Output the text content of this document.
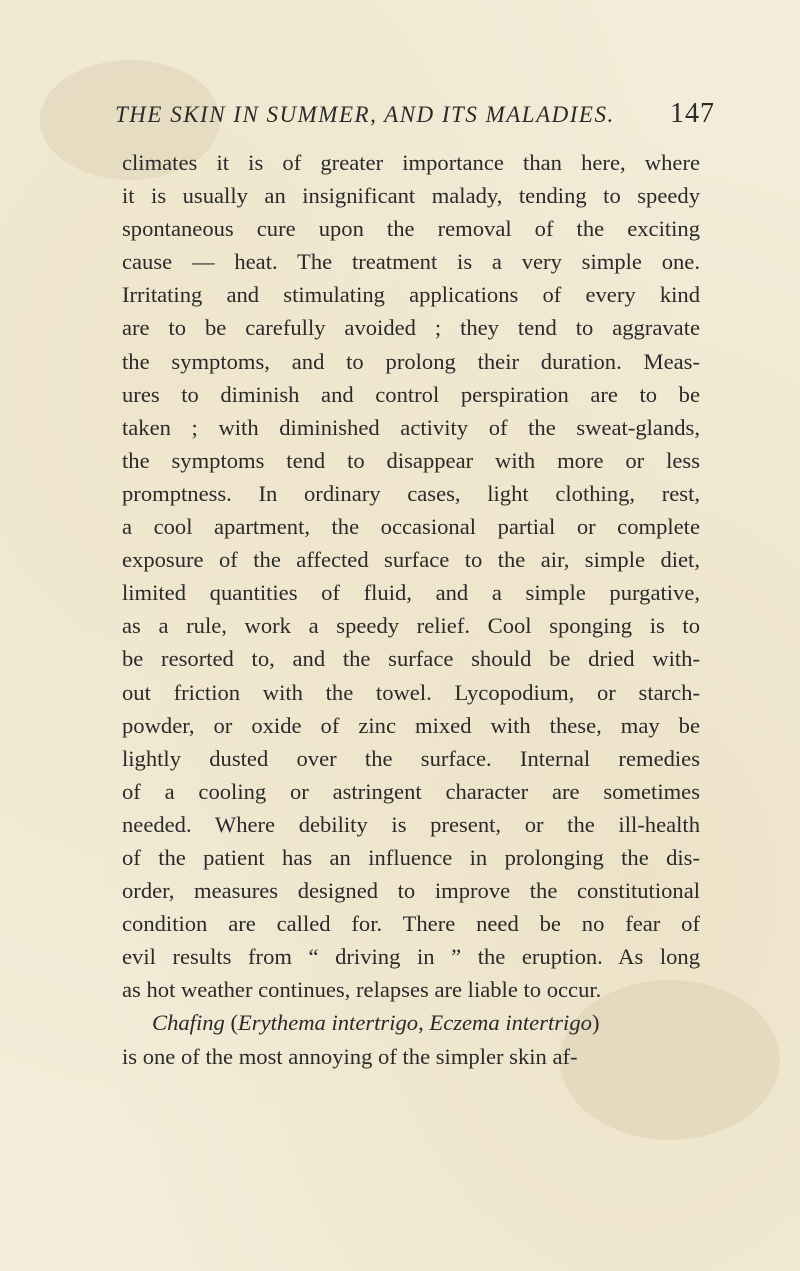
THE SKIN IN SUMMER, AND ITS MALADIES. 147
climates it is of greater importance than here, where
it is usually an insignificant malady, tending to speedy
spontaneous cure upon the removal of the exciting
cause — heat. The treatment is a very simple one.
Irritating and stimulating applications of every kind
are to be carefully avoided ; they tend to aggravate
the symptoms, and to prolong their duration. Meas-
ures to diminish and control perspiration are to be
taken ; with diminished activity of the sweat-glands,
the symptoms tend to disappear with more or less
promptness. In ordinary cases, light clothing, rest,
a cool apartment, the occasional partial or complete
exposure of the affected surface to the air, simple diet,
limited quantities of fluid, and a simple purgative,
as a rule, work a speedy relief. Cool sponging is to
be resorted to, and the surface should be dried with-
out friction with the towel. Lycopodium, or starch-
powder, or oxide of zinc mixed with these, may be
lightly dusted over the surface. Internal remedies
of a cooling or astringent character are sometimes
needed. Where debility is present, or the ill-health
of the patient has an influence in prolonging the dis-
order, measures designed to improve the constitutional
condition are called for. There need be no fear of
evil results from “ driving in ” the eruption. As long
as hot weather continues, relapses are liable to occur.
Chafing (Erythema intertrigo, Eczema intertrigo)
is one of the most annoying of the simpler skin af-
